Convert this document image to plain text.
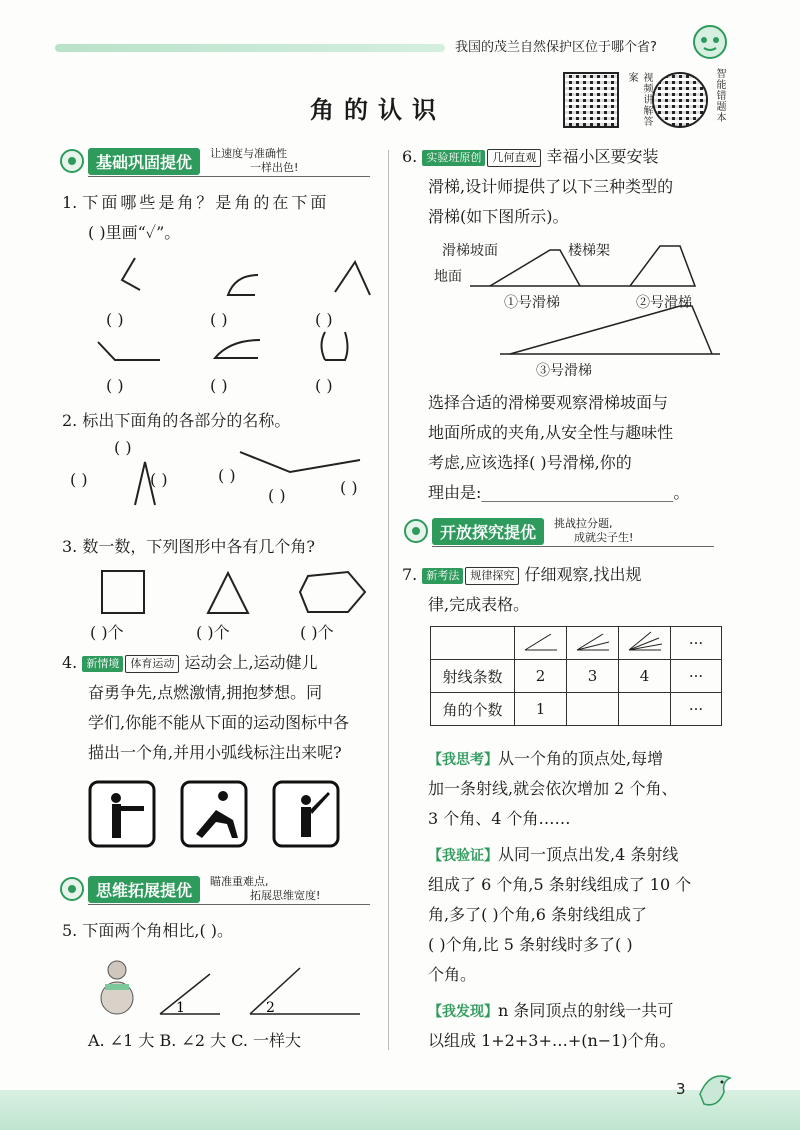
我国的茂兰自然保护区位于哪个省?
角的认识	视频讲解答案	智能错题本
基础巩固提优	让速度与准确性
一样出色!
1. 下面哪些是角？是角的在下面
( )里画“✓”。
( )	( )	( )
( )	( )	( )
2. 标出下面角的各部分的名称。
( )
( )	( )	( )
( )	( )
3. 数一数，下列图形中各有几个角?
( )个	( )个	( )个
4. 新情境 体育运动 运动会上,运动健儿
奋勇争先,点燃激情,拥抱梦想。同
学们,你能不能从下面的运动图标中各
描出一个角,并用小弧线标注出来呢?
思维拓展提优	瞄准重难点,
拓展思维宽度!
5. 下面两个角相比,( )。
1	2
A. ∠1 大 B. ∠2 大 C. 一样大
6. 实验班原创 几何直观 幸福小区要安装
滑梯,设计师提供了以下三种类型的
滑梯(如下图所示)。
滑梯坡面	楼梯架
地面
①号滑梯	②号滑梯
③号滑梯
选择合适的滑梯要观察滑梯坡面与
地面所成的夹角,从安全性与趣味性
考虑,应该选择( )号滑梯,你的
理由是:________________________。
开放探究提优	挑战拉分题,
成就尖子生!
7. 新考法 规律探究 仔细观察,找出规
律,完成表格。
				···
射线条数	2	3	4	···
角的个数	1			···
【我思考】从一个角的顶点处,每增
加一条射线,就会依次增加 2 个角、
3 个角、4 个角……
【我验证】从同一顶点出发,4 条射线
组成了 6 个角,5 条射线组成了 10 个
角,多了( )个角,6 条射线组成了
( )个角,比 5 条射线时多了( )
个角。
【我发现】n 条同顶点的射线一共可
以组成 1+2+3+…+(n−1)个角。
3
